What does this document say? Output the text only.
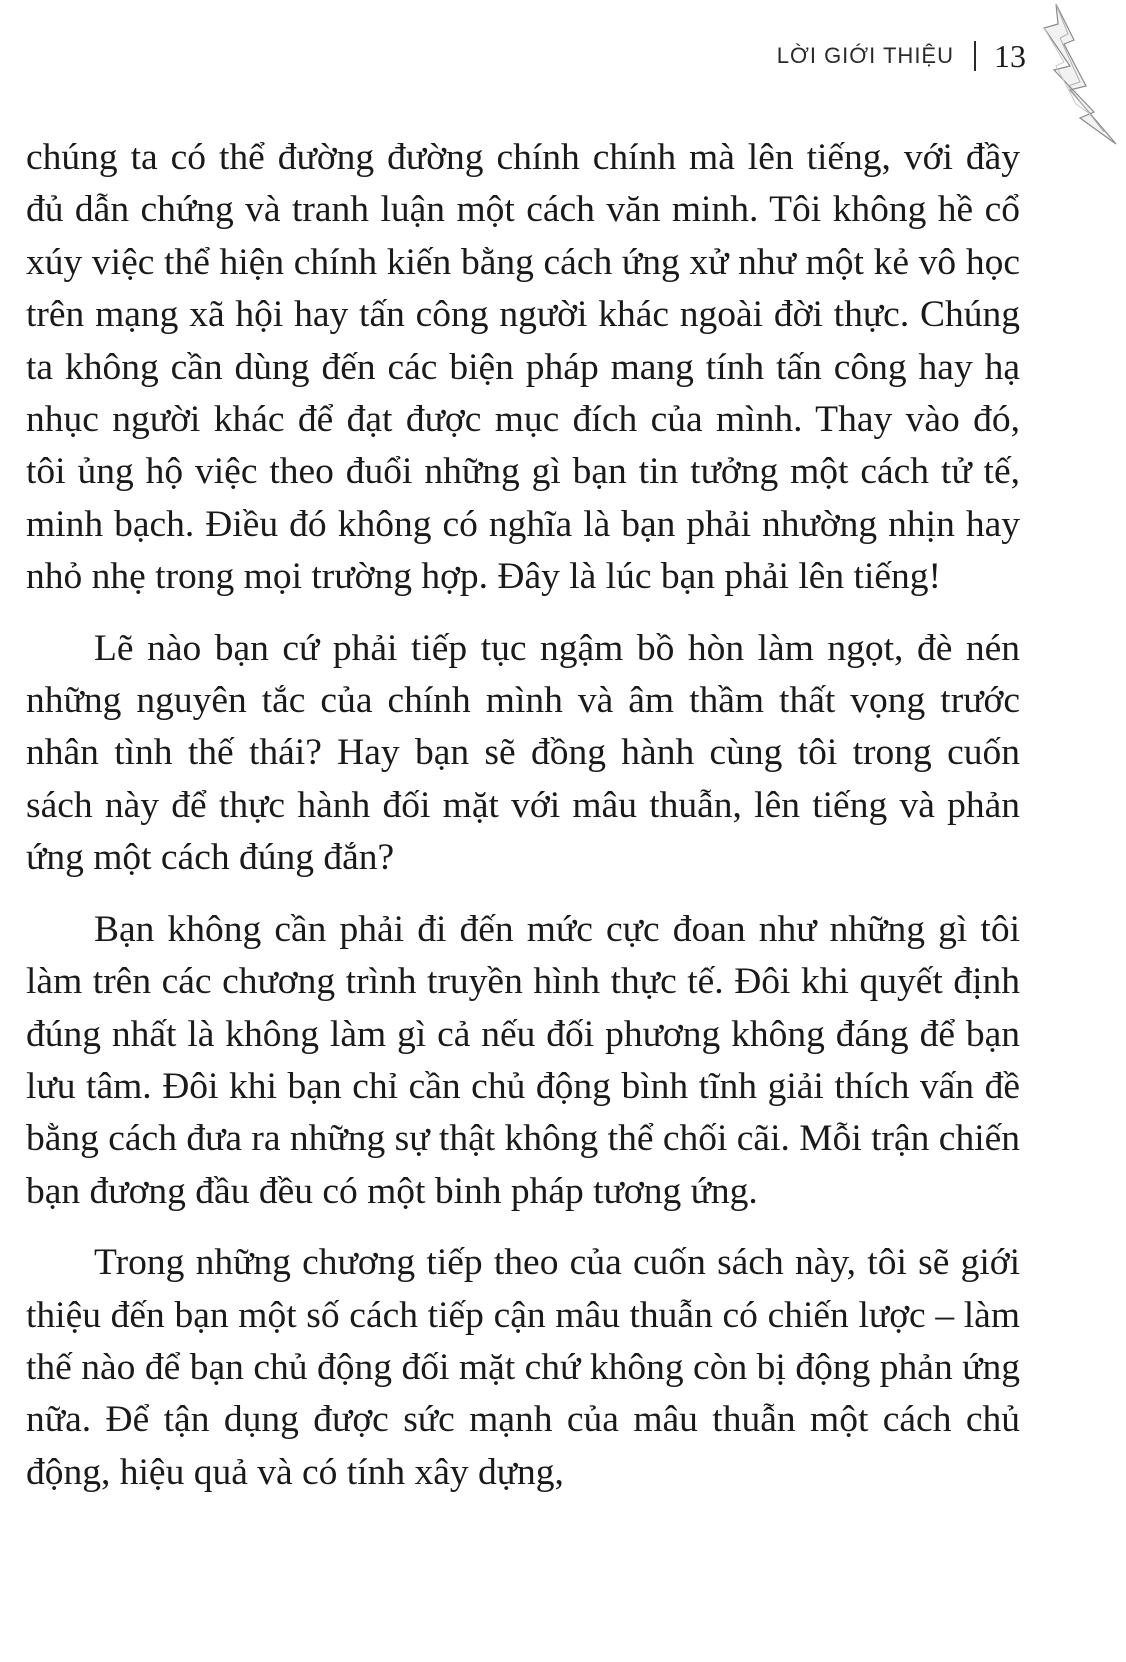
LỜI GIỚI THIỆU 13

chúng ta có thể đường đường chính chính mà lên tiếng, với đầy đủ dẫn chứng và tranh luận một cách văn minh. Tôi không hề cổ xúy việc thể hiện chính kiến bằng cách ứng xử như một kẻ vô học trên mạng xã hội hay tấn công người khác ngoài đời thực. Chúng ta không cần dùng đến các biện pháp mang tính tấn công hay hạ nhục người khác để đạt được mục đích của mình. Thay vào đó, tôi ủng hộ việc theo đuổi những gì bạn tin tưởng một cách tử tế, minh bạch. Điều đó không có nghĩa là bạn phải nhường nhịn hay nhỏ nhẹ trong mọi trường hợp. Đây là lúc bạn phải lên tiếng!

Lẽ nào bạn cứ phải tiếp tục ngậm bồ hòn làm ngọt, đè nén những nguyên tắc của chính mình và âm thầm thất vọng trước nhân tình thế thái? Hay bạn sẽ đồng hành cùng tôi trong cuốn sách này để thực hành đối mặt với mâu thuẫn, lên tiếng và phản ứng một cách đúng đắn?

Bạn không cần phải đi đến mức cực đoan như những gì tôi làm trên các chương trình truyền hình thực tế. Đôi khi quyết định đúng nhất là không làm gì cả nếu đối phương không đáng để bạn lưu tâm. Đôi khi bạn chỉ cần chủ động bình tĩnh giải thích vấn đề bằng cách đưa ra những sự thật không thể chối cãi. Mỗi trận chiến bạn đương đầu đều có một binh pháp tương ứng.

Trong những chương tiếp theo của cuốn sách này, tôi sẽ giới thiệu đến bạn một số cách tiếp cận mâu thuẫn có chiến lược – làm thế nào để bạn chủ động đối mặt chứ không còn bị động phản ứng nữa. Để tận dụng được sức mạnh của mâu thuẫn một cách chủ động, hiệu quả và có tính xây dựng,
